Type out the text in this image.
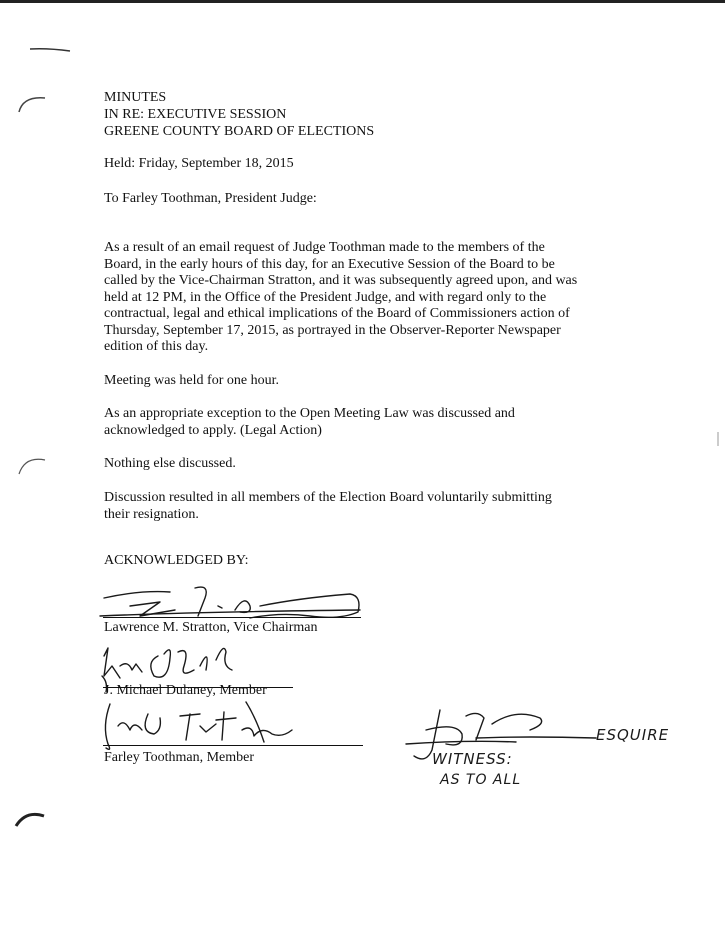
MINUTES
IN RE: EXECUTIVE SESSION
GREENE COUNTY BOARD OF ELECTIONS
Held: Friday, September 18, 2015
To Farley Toothman, President Judge:
As a result of an email request of Judge Toothman made to the members of the
Board, in the early hours of this day, for an Executive Session of the Board to be
called by the Vice-Chairman Stratton, and it was subsequently agreed upon, and was
held at 12 PM, in the Office of the President Judge, and with regard only to the
contractual, legal and ethical implications of the Board of Commissioners action of
Thursday, September 17, 2015, as portrayed in the Observer-Reporter Newspaper
edition of this day.
Meeting was held for one hour.
As an appropriate exception to the Open Meeting Law was discussed and
acknowledged to apply. (Legal Action)
Nothing else discussed.
Discussion resulted in all members of the Election Board voluntarily submitting
their resignation.
ACKNOWLEDGED BY:
Lawrence M. Stratton, Vice Chairman
J. Michael Dulaney, Member
Farley Toothman, Member
ESQUIRE
WITNESS:
AS TO ALL
